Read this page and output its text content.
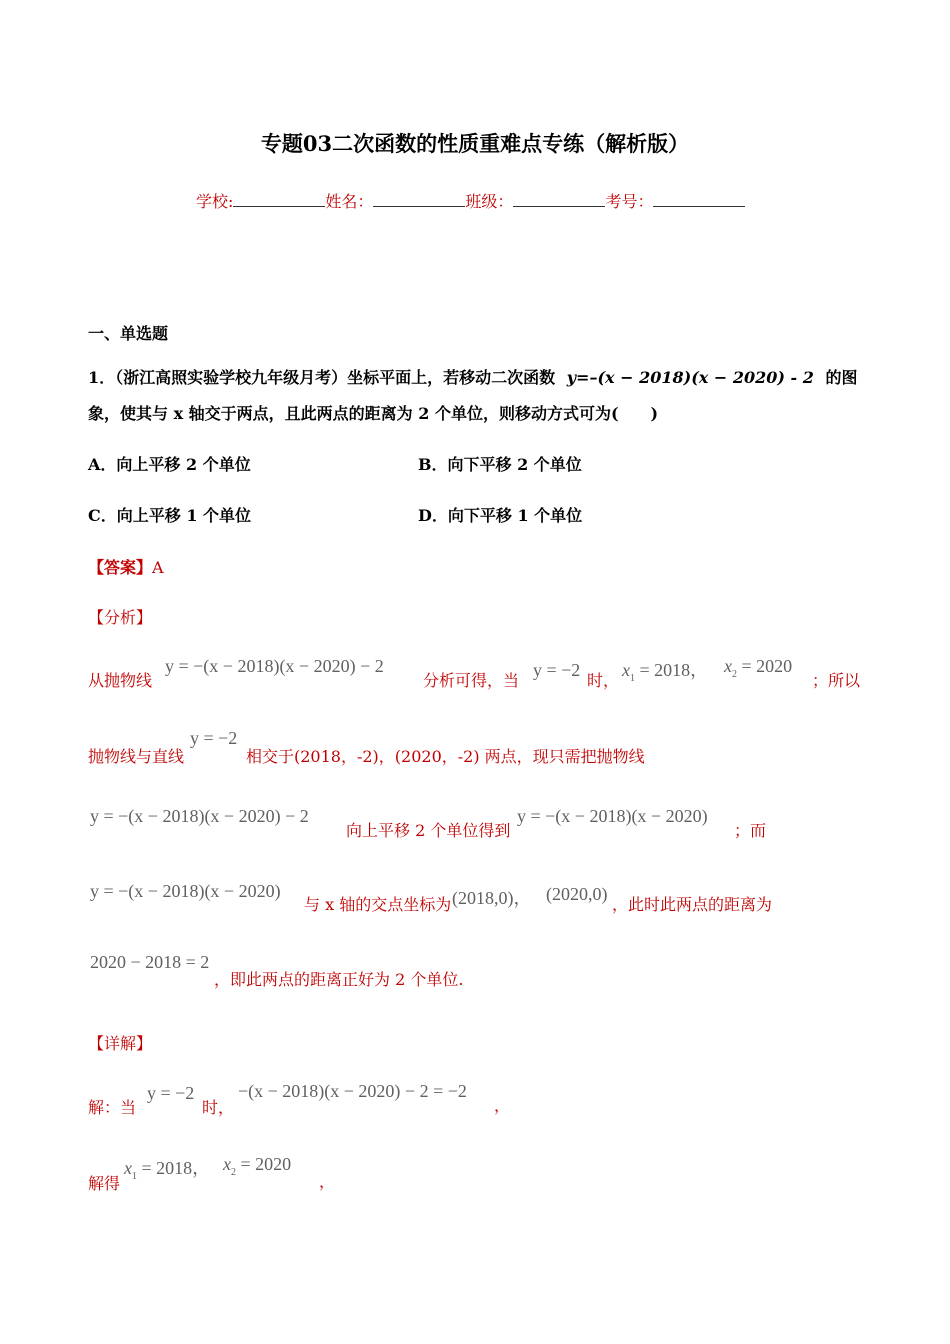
专题03二次函数的性质重难点专练（解析版）
学校:	姓名：	班级：	考号：
一、单选题
1．（浙江高照实验学校九年级月考）坐标平面上，若移动二次函数 y=–(x − 2018)(x − 2020) - 2 的图
象，使其与 x 轴交于两点，且此两点的距离为 2 个单位，则移动方式可为(　　)
A．向上平移 2 个单位	B．向下平移 2 个单位
C．向上平移 1 个单位	D．向下平移 1 个单位
【答案】A
【分析】
从抛物线
y = −(x − 2018)(x − 2020) − 2
分析可得，当
y = −2
时，
$x_1 = 2018$， $x_2 = 2020$
；所以
抛物线与直线
y = −2
相交于(2018，-2)，(2020，-2) 两点，现只需把抛物线
y = −(x − 2018)(x − 2020) − 2
向上平移 2 个单位得到
y = −(x − 2018)(x − 2020)
；而
y = −(x − 2018)(x − 2020)
与 x 轴的交点坐标为 (2018,0)， (2020,0)
，此时此两点的距离为
2020 − 2018 = 2
，即此两点的距离正好为 2 个单位.
【详解】
解：当
y = −2
时，
−(x − 2018)(x − 2020) − 2 = −2
，
解得
$x_1 = 2018$， $x_2 = 2020$
，
